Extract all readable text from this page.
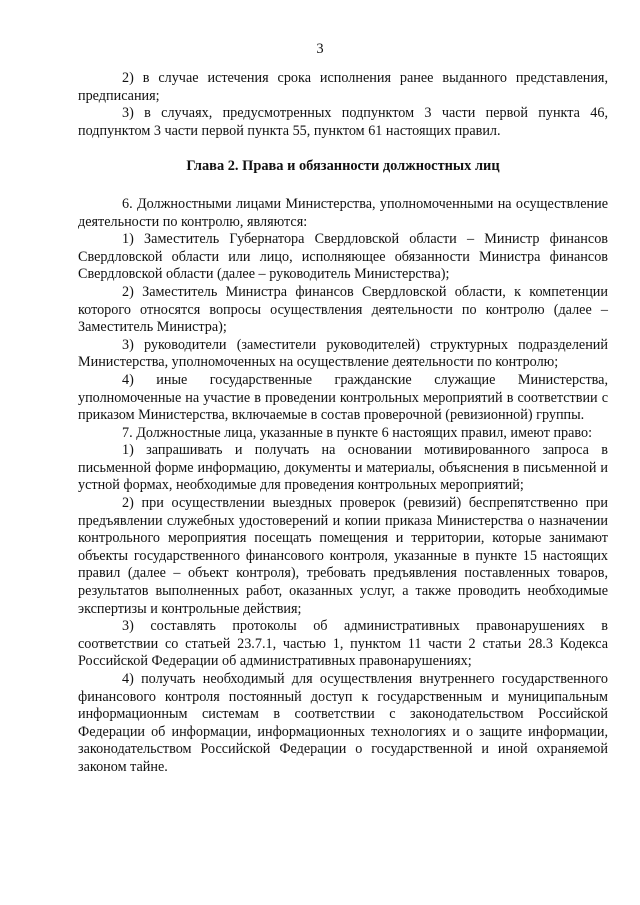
3

2) в случае истечения срока исполнения ранее выданного представления, предписания;

3) в случаях, предусмотренных подпунктом 3 части первой пункта 46, подпунктом 3 части первой пункта 55, пунктом 61 настоящих правил.

Глава 2. Права и обязанности должностных лиц

6. Должностными лицами Министерства, уполномоченными на осуществление деятельности по контролю, являются:

1) Заместитель Губернатора Свердловской области – Министр финансов Свердловской области или лицо, исполняющее обязанности Министра финансов Свердловской области (далее – руководитель Министерства);

2) Заместитель Министра финансов Свердловской области, к компетенции которого относятся вопросы осуществления деятельности по контролю (далее – Заместитель Министра);

3) руководители (заместители руководителей) структурных подразделений Министерства, уполномоченных на осуществление деятельности по контролю;

4) иные государственные гражданские служащие Министерства, уполномоченные на участие в проведении контрольных мероприятий в соответствии с приказом Министерства, включаемые в состав проверочной (ревизионной) группы.

7. Должностные лица, указанные в пункте 6 настоящих правил, имеют право:

1) запрашивать и получать на основании мотивированного запроса в письменной форме информацию, документы и материалы, объяснения в письменной и устной формах, необходимые для проведения контрольных мероприятий;

2) при осуществлении выездных проверок (ревизий) беспрепятственно при предъявлении служебных удостоверений и копии приказа Министерства о назначении контрольного мероприятия посещать помещения и территории, которые занимают объекты государственного финансового контроля, указанные в пункте 15 настоящих правил (далее – объект контроля), требовать предъявления поставленных товаров, результатов выполненных работ, оказанных услуг, а также проводить необходимые экспертизы и контрольные действия;

3) составлять протоколы об административных правонарушениях в соответствии со статьей 23.7.1, частью 1, пунктом 11 части 2 статьи 28.3 Кодекса Российской Федерации об административных правонарушениях;

4) получать необходимый для осуществления внутреннего государственного финансового контроля постоянный доступ к государственным и муниципальным информационным системам в соответствии с законодательством Российской Федерации об информации, информационных технологиях и о защите информации, законодательством Российской Федерации о государственной и иной охраняемой законом тайне.
